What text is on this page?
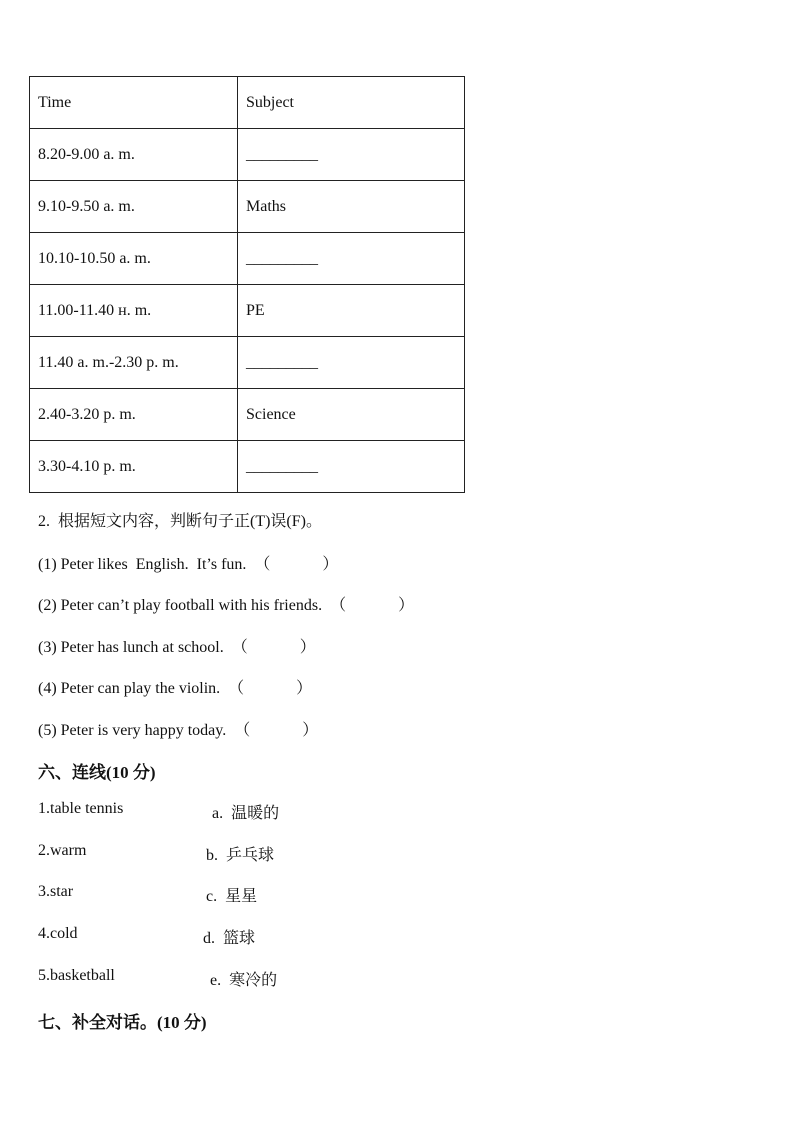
Time	Subject
8.20-9.00 a. m.	_________
9.10-9.50 a. m.	Maths
10.10-10.50 a. m.	_________
11.00-11.40 н. m.	PE
11.40 a. m.-2.30 p. m.	_________
2.40-3.20 p. m.	Science
3.30-4.10 p. m.	_________
2.  根据短文内容，判断句子正(T)误(F)。
(1) Peter likes  English.  It’s fun.  （	）
(2) Peter can’t play football with his friends.  （	）
(3) Peter has lunch at school.  （	）
(4) Peter can play the violin.  （	）
(5) Peter is very happy today.  （	）
六、连线(10 分)
1.table tennis
2.warm
3.star
4.cold
5.basketball
a.  温暖的
b.  乒乓球
c.  星星
d.  篮球
e.  寒冷的
七、补全对话。(10 分)
